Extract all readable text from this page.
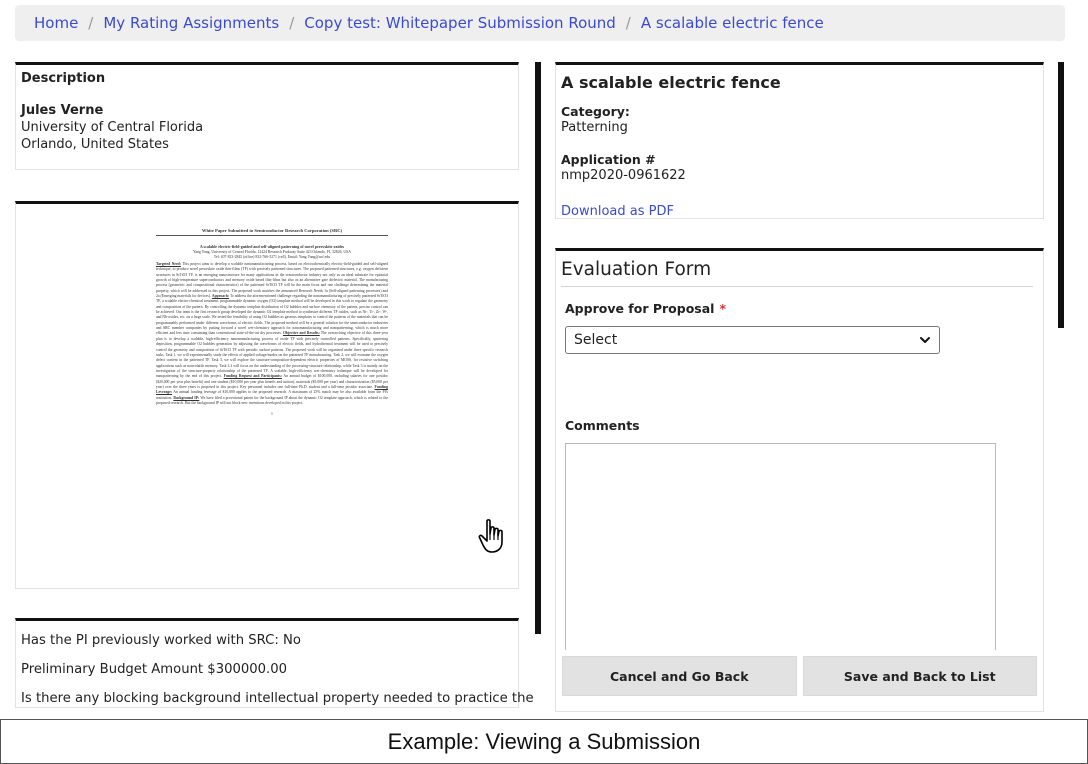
Home / My Rating Assignments / Copy test: Whitepaper Submission Round / A scalable electric fence
Description
Jules Verne
University of Central Florida
Orlando, United States
White Paper Submitted to Semiconductor Research Corporation (SRC)
A scalable electric-field-guided and self-aligned patterning of novel perovskite oxides
Yang Yang, University of Central Florida, 12424 Research Parkway Suite 423 Orlando, FL 32826, USA
Tel: 407-823-2845 (office) 832-766-5271 (cell), Email: Yang.Yang@ucf.edu
Targeted Need: This project aims to develop a scalable nanomanufacturing process, based on electrochemically electric-field-guided and self-aligned technique, to produce novel perovskite oxide thin-films (TF) with precisely patterned structures. The proposed patterned structures, e.g. oxygen deficient structures in SrTiO3 TF, is an emerging nanostructure for many applications in the semiconductor industry not only as an ideal substrate for epitaxial growth of high-temperature superconductors and memory oxide based thin-films but also as an alternative gate dielectric material. The manufacturing process (geometric and compositional characteristics) of the patterned SrTiO3 TF will be the main focus and one challenge determining the material property, which will be addressed in this project. The proposed work matches the announced Research Needs 1a (Self-aligned patterning processes) and 2a (Emerging materials for devices). Approach: To address the aforementioned challenge regarding the nanomanufacturing of precisely patterned SrTiO3 TF, a scalable electro-chemical treatment, programmable dynamic oxygen (O2) template method will be developed in this work to regulate the geometry and composition of the pattern. By controlling the dynamic template distribution of O2 bubbles and surface chemistry of the pattern, precise control can be achieved. Our team is the first research group developed the dynamic O2 template method to synthesize different TF oxides, such as Ni-, Ti-, Zr-, W-, and Nb-oxides, etc. on a large scale. We tested the feasibility of using O2 bubbles as gaseous templates to control the patterns of the materials that can be programmably performed under different waveforms of electric fields. The proposed method will be a general solution for the semiconductor industries and SRC member companies by putting forward a novel wet-chemistry approach for nanomanufacturing and nanopatterning, which is much more efficient and less time consuming than conventional state-of-the-art dry processes. Objective and Results: The overarching objective of this three-year plan is to develop a scalable, high-efficiency nanomanufacturing process of oxide TF with precisely controlled patterns. Specifically, sputtering deposition, programmable O2 bubbles generation by adjusting the waveforms of electric fields, and hydrothermal treatment will be used to precisely control the geometry and composition of SrTiO3 TF with periodic surface patterns. The proposed work will be organized under three specific research tasks. Task 1, we will experimentally study the effects of applied voltage/modes on the patterned TF manufacturing. Task 2, we will examine the oxygen defect content in the patterned TF. Task 3, we will explore the structure-composition-dependent electric properties of MOSS, for resistive switching applications such as nonvolatile memory. Task 3.2 will focus on the understanding of the processing-structure relationship, while Task 3 is mainly on the investigation of the structure-property relationship of the patterned TF. A scalable, high-efficiency wet-chemistry technique will be developed for nanopatterning by the end of this project. Funding Request and Participants: An annual budget of $100,000, including salaries for one postdoc ($20,000 per year plus benefit) and one student ($10,000 per year plus benefit and tuition), materials ($5,000 per year) and characterization ($5,000 per year) over the three years is proposed in this project. Key personnel includes one full-time Ph.D. student and a full-time postdoc associate. Funding Leverage: An annual funding leverage of $10,000 applies to the proposed research. A maximum of 25% match may be also available from the PI's institution. Background IP: We have filed a provisional patent for the background IP about the dynamic O2 template approach, which is related to the proposed research. But the background IP will not block new inventions developed in this project.
1
Has the PI previously worked with SRC: No
Preliminary Budget Amount $300000.00
Is there any blocking background intellectual property needed to practice the
A scalable electric fence
Category:
Patterning
Application #
nmp2020-0961622
Download as PDF
Evaluation Form
Approve for Proposal *
Select
Comments
Cancel and Go Back	Save and Back to List
Example: Viewing a Submission
